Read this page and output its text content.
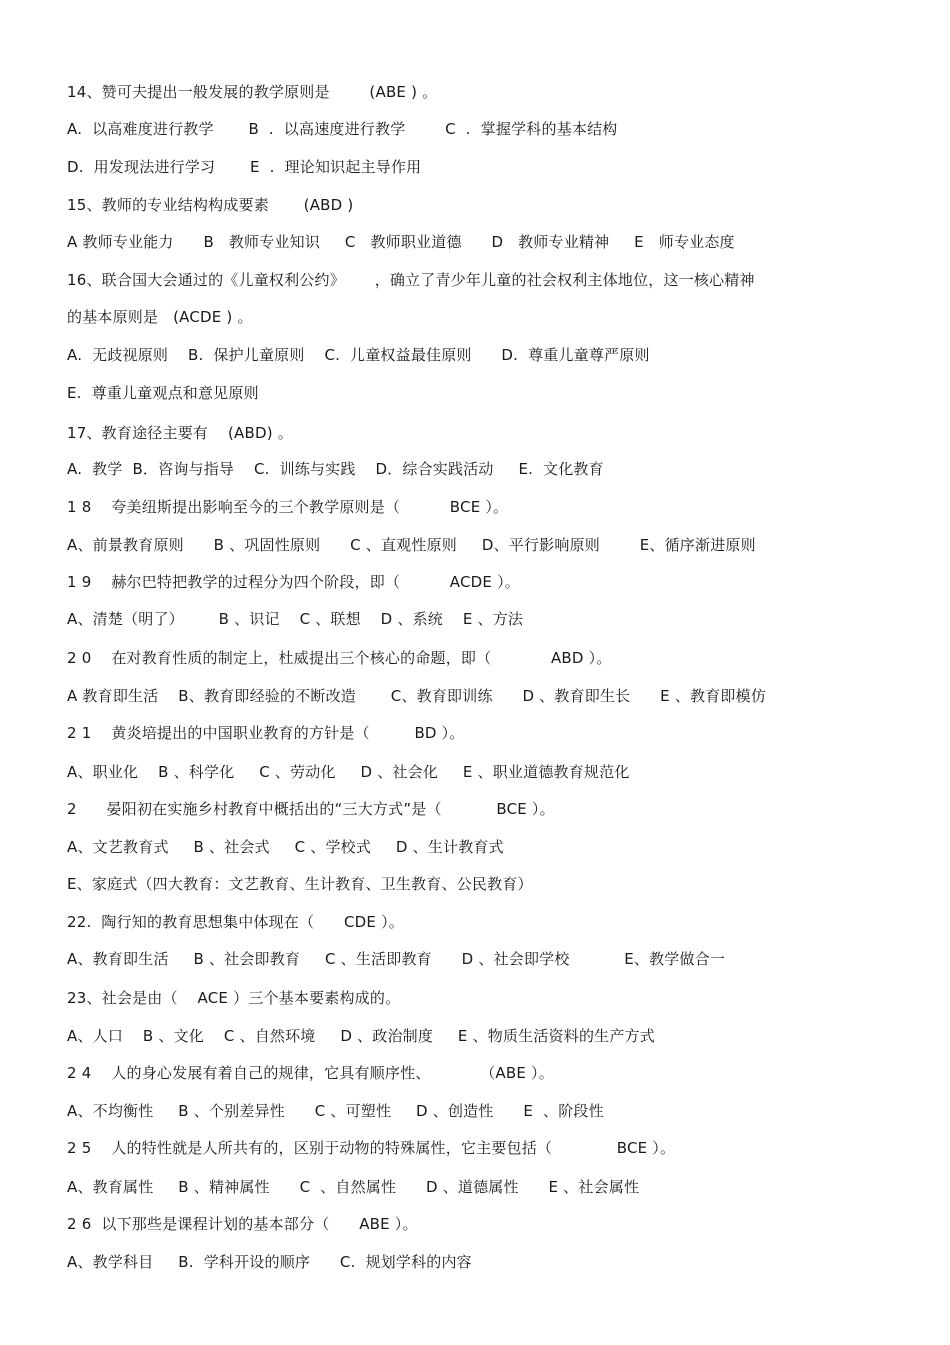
14、赞可夫提出一般发展的教学原则是        (ABE ) 。
A.  以高难度进行教学       B  .  以高速度进行教学        C  .  掌握学科的基本结构
D.  用发现法进行学习       E  .  理论知识起主导作用
15、教师的专业结构构成要素       (ABD )
A 教师专业能力      B   教师专业知识     C   教师职业道德      D   教师专业精神     E   师专业态度
16、联合国大会通过的《儿童权利公约》      ，确立了青少年儿童的社会权利主体地位，这一核心精神
的基本原则是   (ACDE ) 。
A.  无歧视原则    B.  保护儿童原则    C.  儿童权益最佳原则      D.  尊重儿童尊严原则
E.  尊重儿童观点和意见原则
17、教育途径主要有    (ABD) 。
A.  教学  B．咨询与指导    C.  训练与实践    D．综合实践活动     E.  文化教育
1 8    夸美纽斯提出影响至今的三个教学原则是（          BCE ）。
A、前景教育原则      B 、巩固性原则      C 、直观性原则     D、平行影响原则        E、循序渐进原则
1 9    赫尔巴特把教学的过程分为四个阶段，即（          ACDE ）。
A、清楚（明了）       B 、识记    C 、联想    D 、系统    E 、方法
2 0    在对教育性质的制定上，杜威提出三个核心的命题，即（            ABD ）。
A 教育即生活    B、教育即经验的不断改造       C、教育即训练      D 、教育即生长      E 、教育即模仿
2 1    黄炎培提出的中国职业教育的方针是（         BD ）。
A、职业化    B 、科学化     C 、劳动化     D 、社会化     E 、职业道德教育规范化
2      晏阳初在实施乡村教育中概括出的“三大方式”是（           BCE ）。
A、文艺教育式     B 、社会式     C 、学校式     D 、生计教育式
E、家庭式（四大教育：文艺教育、生计教育、卫生教育、公民教育）
22.  陶行知的教育思想集中体现在（      CDE ）。
A、教育即生活     B 、社会即教育     C 、生活即教育      D 、社会即学校           E、教学做合一
23、社会是由（    ACE ）三个基本要素构成的。
A、人口    B 、文化    C 、自然环境     D 、政治制度     E 、物质生活资料的生产方式
2 4    人的身心发展有着自己的规律，它具有顺序性、          （ABE ）。
A、不均衡性     B 、个别差异性      C 、可塑性     D 、创造性      E  、阶段性
2 5    人的特性就是人所共有的，区别于动物的特殊属性，它主要包括（             BCE ）。
A、教育属性     B 、精神属性      C  、自然属性      D 、道德属性      E 、社会属性
2 6  以下那些是课程计划的基本部分（      ABE ）。
A、教学科目     B.  学科开设的顺序      C.  规划学科的内容
